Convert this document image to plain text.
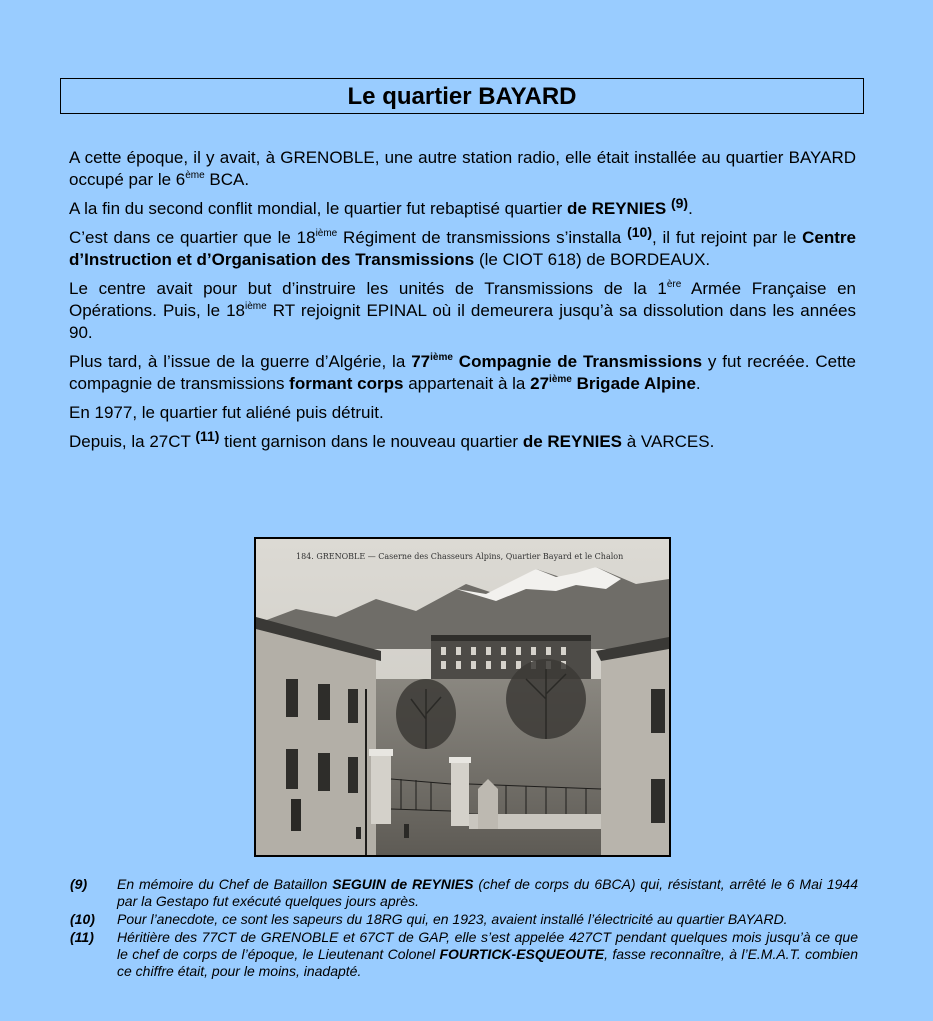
Le quartier BAYARD

A cette époque, il y avait, à GRENOBLE, une autre station radio, elle était installée au quartier BAYARD occupé par le 6ème BCA.

A la fin du second conflit mondial, le quartier fut rebaptisé quartier de REYNIES $^{(9)}$.

C’est dans ce quartier que le 18ième Régiment de transmissions s’installa $^{(10)}$, il fut rejoint par le Centre d’Instruction et d’Organisation des Transmissions (le CIOT 618) de BORDEAUX.

Le centre avait pour but d’instruire les unités de Transmissions de la 1ère Armée Française en Opérations. Puis, le 18ième RT rejoignit EPINAL où il demeurera jusqu’à sa dissolution dans les années 90.

Plus tard, à l’issue de la guerre d’Algérie, la 77ième Compagnie de Transmissions y fut recréée. Cette compagnie de transmissions formant corps appartenait à la 27ième Brigade Alpine.

En 1977, le quartier fut aliéné puis détruit.

Depuis, la 27CT $^{(11)}$ tient garnison dans le nouveau quartier de REYNIES à VARCES.

184. GRENOBLE — Caserne des Chasseurs Alpins, Quartier Bayard et le Chalon
(9)	En mémoire du Chef de Bataillon SEGUIN de REYNIES (chef de corps du 6BCA) qui, résistant, arrêté le 6 Mai 1944 par la Gestapo fut exécuté quelques jours après.
(10)	Pour l’anecdote, ce sont les sapeurs du 18RG qui, en 1923, avaient installé l’électricité au quartier BAYARD.
(11)	Héritière des 77CT de GRENOBLE et 67CT de GAP, elle s’est appelée 427CT pendant quelques mois jusqu’à ce que le chef de corps de l’époque, le Lieutenant Colonel FOURTICK-ESQUEOUTE, fasse reconnaître, à l’E.M.A.T. combien ce chiffre était, pour le moins, inadapté.
